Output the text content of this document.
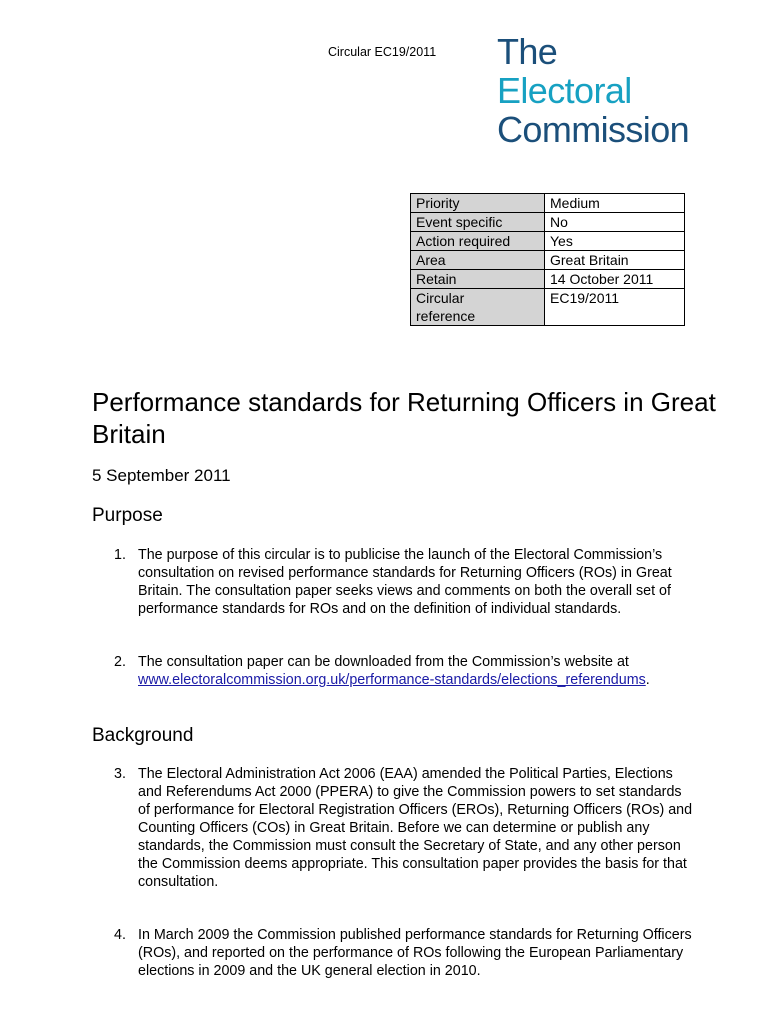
Circular EC19/2011 The
Electoral
Commission
Priority	Medium
Event specific	No
Action required	Yes
Area	Great Britain
Retain	14 October 2011
Circular
reference	EC19/2011
Performance standards for Returning Officers in Great Britain

5 September 2011

Purpose

1. The purpose of this circular is to publicise the launch of the Electoral Commission’s consultation on revised performance standards for Returning Officers (ROs) in Great Britain. The consultation paper seeks views and comments on both the overall set of performance standards for ROs and on the definition of individual standards.

2. The consultation paper can be downloaded from the Commission’s website at www.electoralcommission.org.uk/performance-standards/elections_referendums.

Background

3. The Electoral Administration Act 2006 (EAA) amended the Political Parties, Elections and Referendums Act 2000 (PPERA) to give the Commission powers to set standards of performance for Electoral Registration Officers (EROs), Returning Officers (ROs) and Counting Officers (COs) in Great Britain. Before we can determine or publish any standards, the Commission must consult the Secretary of State, and any other person the Commission deems appropriate. This consultation paper provides the basis for that consultation.

4. In March 2009 the Commission published performance standards for Returning Officers (ROs), and reported on the performance of ROs following the European Parliamentary elections in 2009 and the UK general election in 2010.
